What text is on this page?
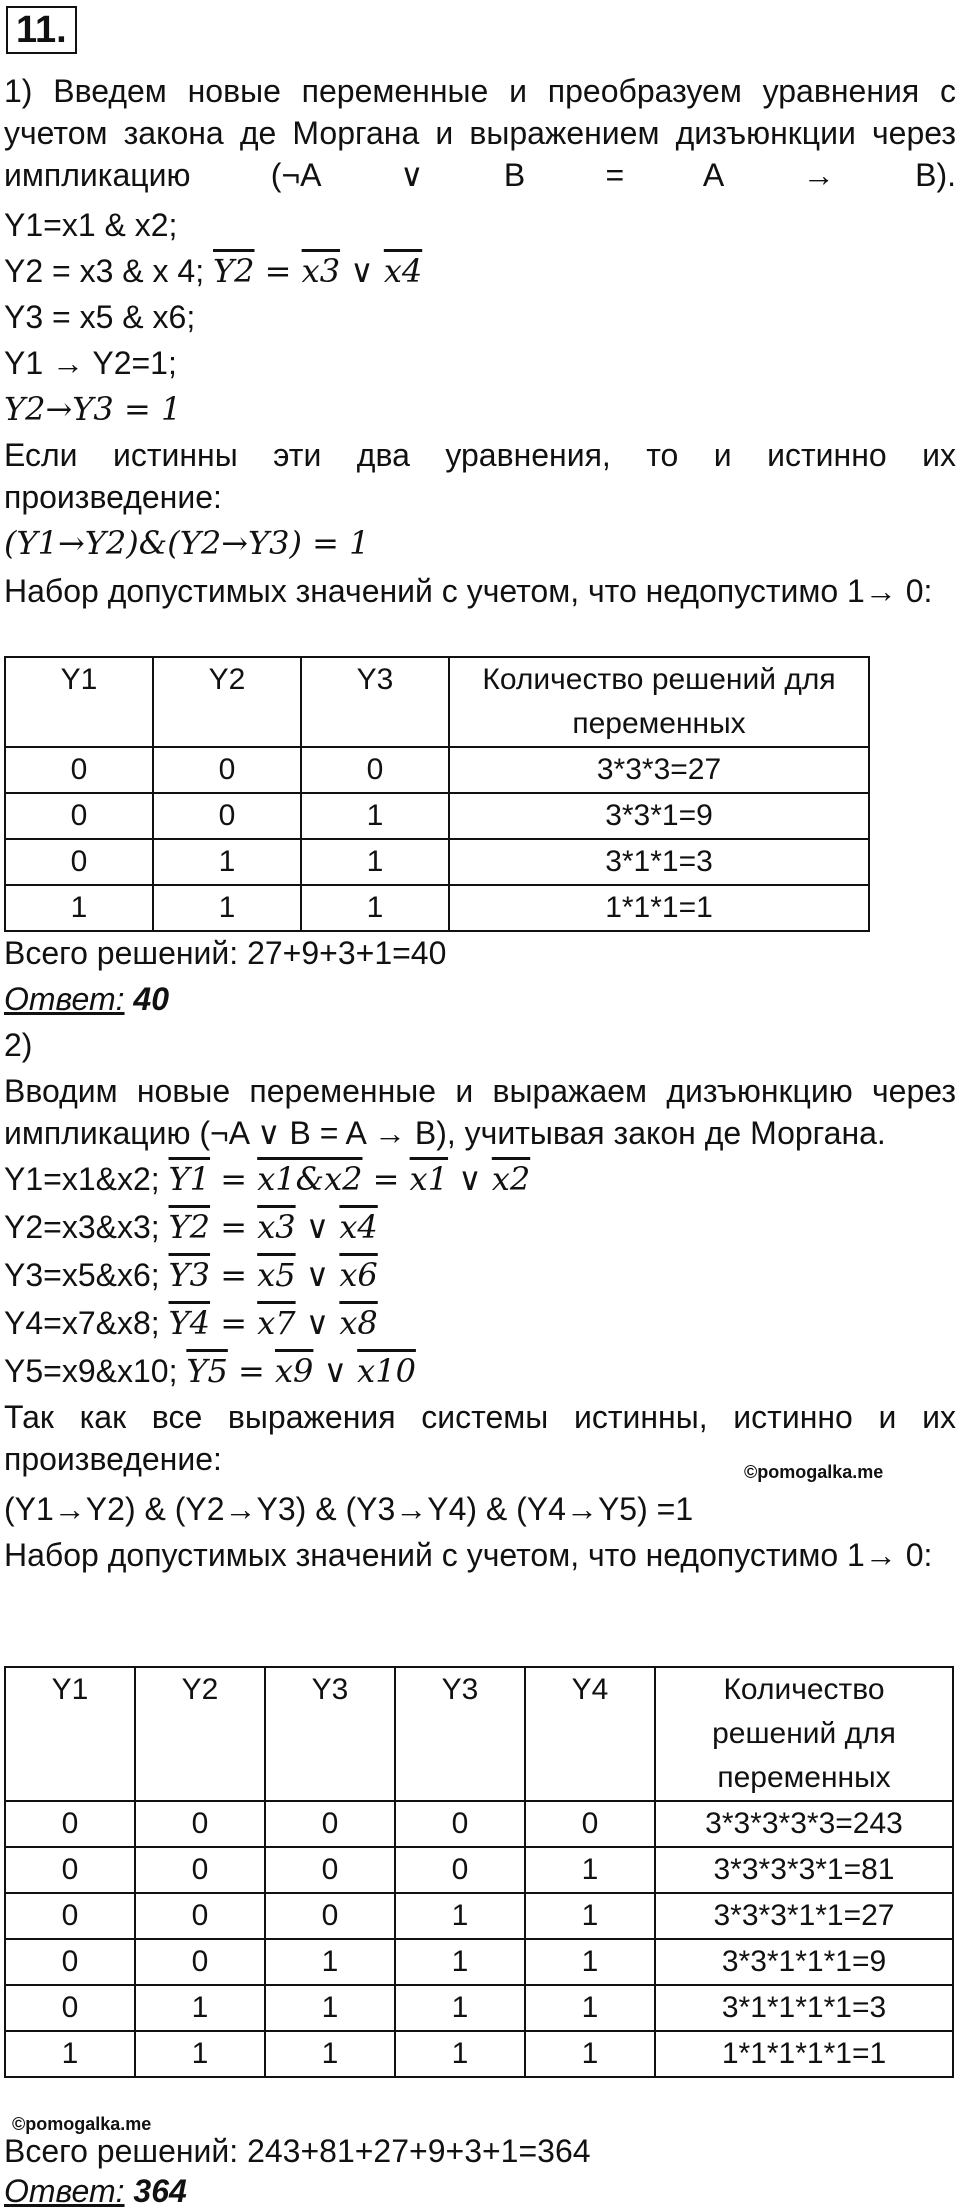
11.
1) Введем новые переменные и преобразуем уравнения с учетом закона де Моргана и выражением дизъюнкции через импликацию (¬A ∨ B = A → B).
Y1=x1 & x2;
Y2 = x3 & x 4; Y2 = x3 ∨ x4
Y3 = x5 & x6;
Y1 → Y2=1;
Y2→Y3 = 1
Если истинны эти два уравнения, то и истинно их произведение:
(Y1→Y2)&(Y2→Y3) = 1
Набор допустимых значений с учетом, что недопустимо 1→ 0:
Y1	Y2	Y3	Количество решений для переменных
0	0	0	3*3*3=27
0	0	1	3*3*1=9
0	1	1	3*1*1=3
1	1	1	1*1*1=1
Всего решений: 27+9+3+1=40
Ответ: 40
2)
Вводим новые переменные и выражаем дизъюнкцию через импликацию (¬A ∨ B = A → B), учитывая закон де Моргана.
Y1=x1&x2; Y1 = x1&x2 = x1 ∨ x2
Y2=x3&x3; Y2 = x3 ∨ x4
Y3=x5&x6; Y3 = x5 ∨ x6
Y4=x7&x8; Y4 = x7 ∨ x8
Y5=x9&x10; Y5 = x9 ∨ x10
Так как все выражения системы истинны, истинно и их произведение:	©pomogalka.me
(Y1→Y2) & (Y2→Y3) & (Y3→Y4) & (Y4→Y5) =1
Набор допустимых значений с учетом, что недопустимо 1→ 0:
Y1	Y2	Y3	Y3	Y4	Количество решений для переменных
0	0	0	0	0	3*3*3*3*3=243
0	0	0	0	1	3*3*3*3*1=81
0	0	0	1	1	3*3*3*1*1=27
0	0	1	1	1	3*3*1*1*1=9
0	1	1	1	1	3*1*1*1*1=3
1	1	1	1	1	1*1*1*1*1=1
©pomogalka.me
Всего решений: 243+81+27+9+3+1=364
Ответ: 364
